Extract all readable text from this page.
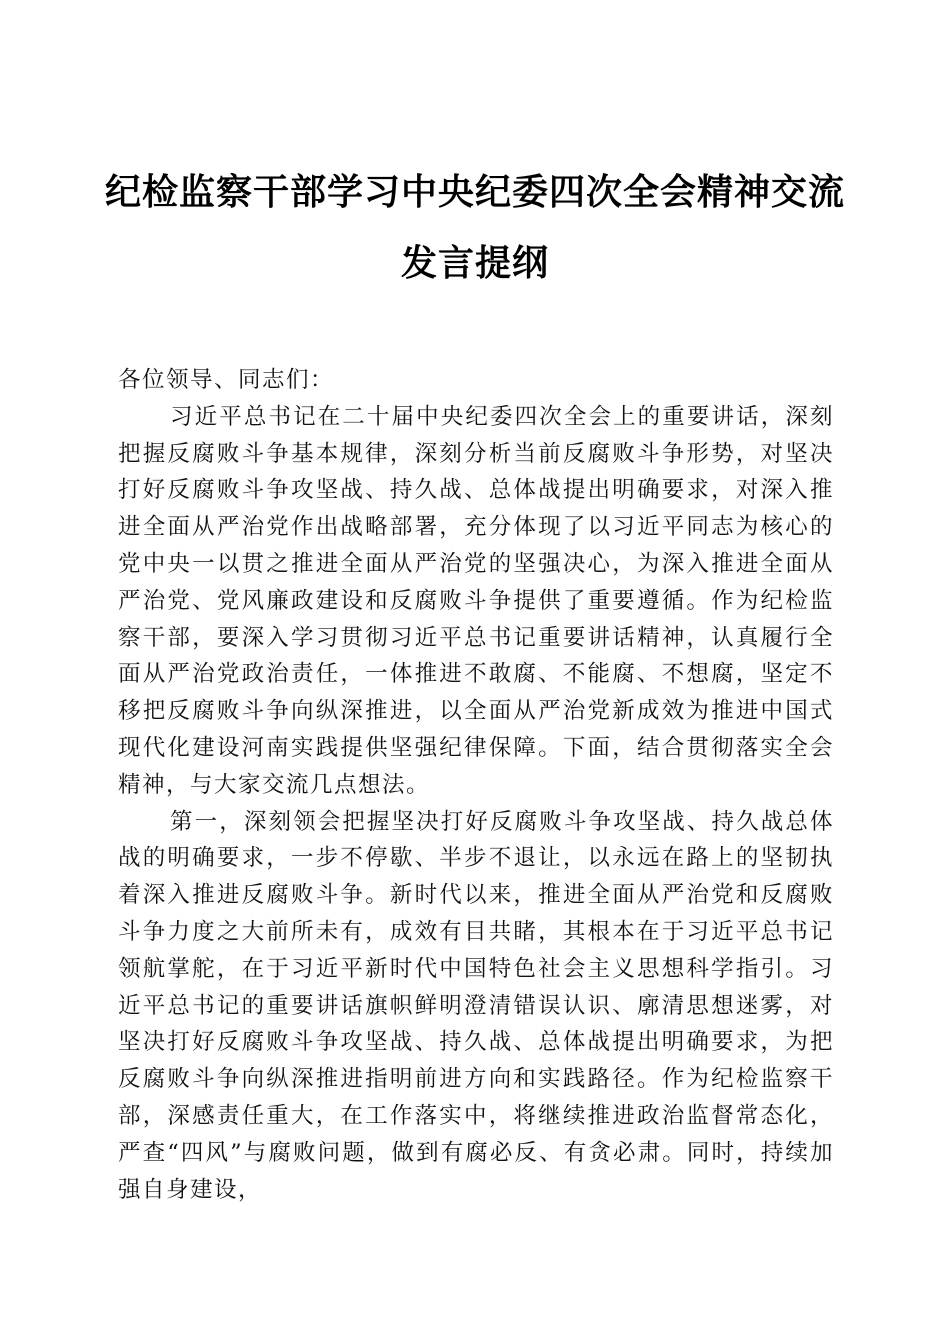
纪检监察干部学习中央纪委四次全会精神交流
发言提纲

各位领导、同志们：

习近平总书记在二十届中央纪委四次全会上的重要讲话，深刻把握反腐败斗争基本规律，深刻分析当前反腐败斗争形势，对坚决打好反腐败斗争攻坚战、持久战、总体战提出明确要求，对深入推进全面从严治党作出战略部署，充分体现了以习近平同志为核心的党中央一以贯之推进全面从严治党的坚强决心，为深入推进全面从严治党、党风廉政建设和反腐败斗争提供了重要遵循。作为纪检监察干部，要深入学习贯彻习近平总书记重要讲话精神，认真履行全面从严治党政治责任，一体推进不敢腐、不能腐、不想腐，坚定不移把反腐败斗争向纵深推进，以全面从严治党新成效为推进中国式现代化建设河南实践提供坚强纪律保障。下面，结合贯彻落实全会精神，与大家交流几点想法。

第一，深刻领会把握坚决打好反腐败斗争攻坚战、持久战总体战的明确要求，一步不停歇、半步不退让，以永远在路上的坚韧执着深入推进反腐败斗争。新时代以来，推进全面从严治党和反腐败斗争力度之大前所未有，成效有目共睹，其根本在于习近平总书记领航掌舵，在于习近平新时代中国特色社会主义思想科学指引。习近平总书记的重要讲话旗帜鲜明澄清错误认识、廓清思想迷雾，对坚决打好反腐败斗争攻坚战、持久战、总体战提出明确要求，为把反腐败斗争向纵深推进指明前进方向和实践路径。作为纪检监察干部，深感责任重大，在工作落实中，将继续推进政治监督常态化，严查“四风”与腐败问题，做到有腐必反、有贪必肃。同时，持续加强自身建设，
